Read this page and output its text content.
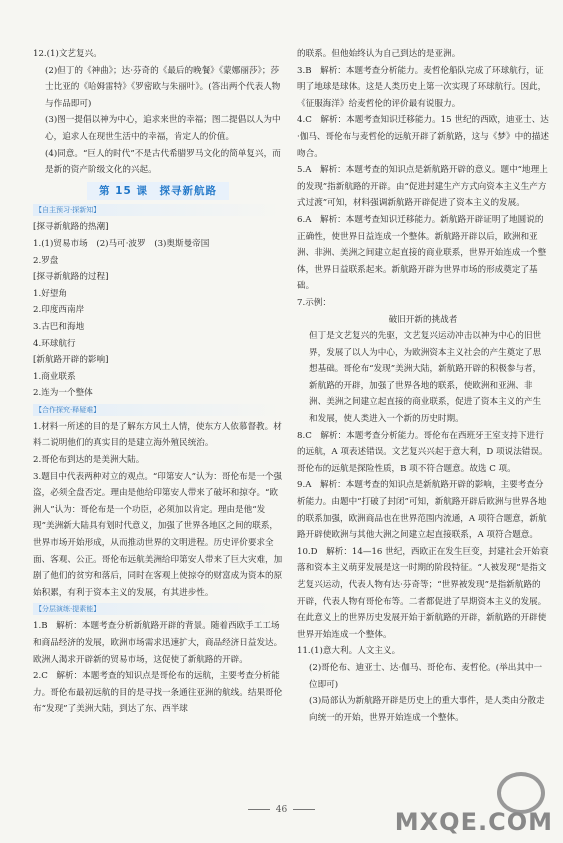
12.(1)文艺复兴。

(2)但丁的《神曲》；达·芬奇的《最后的晚餐》《蒙娜丽莎》；莎士比亚的《哈姆雷特》《罗密欧与朱丽叶》。(答出两个代表人物与作品即可)

(3)图一提倡以神为中心，追求来世的幸福；图二提倡以人为中心，追求人在现世生活中的幸福，肯定人的价值。

(4)同意。“巨人的时代”不是古代希腊罗马文化的简单复兴，而是新的资产阶级文化的兴起。

第 15 课　探寻新航路
【自主预习·探新知】

[探寻新航路的热潮]

1.(1)贸易市场　(2)马可·波罗　(3)奥斯曼帝国

2.罗盘

[探寻新航路的过程]

1.好望角

2.印度西南岸

3.古巴和海地

4.环球航行

[新航路开辟的影响]

1.商业联系

2.连为一个整体

【合作探究·释疑难】

1.材料一所述的目的是了解东方风土人情，使东方人依慕督教。材料二说明他们的真实目的是建立海外殖民统治。

2.哥伦布到达的是美洲大陆。

3.题目中代表两种对立的观点。“印第安人”认为：哥伦布是一个强盗，必须全盘否定。理由是他给印第安人带来了破坏和掠夺。“欧洲人”认为：哥伦布是一个功臣，必须加以肯定。理由是他“发现”美洲新大陆具有划时代意义，加强了世界各地区之间的联系，世界市场开始形成，从而推动世界的文明进程。历史评价要求全面、客观、公正。哥伦布远航美洲给印第安人带来了巨大灾难，加剧了他们的贫穷和落后，同时在客观上使掠夺的财富成为资本的原始积累，有利于资本主义的发展，有其进步性。

【分层演练·提素能】

1.B　解析：本题考查分析新航路开辟的背景。随着西欧手工工场和商品经济的发展，欧洲市场需求迅速扩大，商品经济日益发达。欧洲人渴求开辟新的贸易市场，这促使了新航路的开辟。

2.C　解析：本题考查的知识点是哥伦布的远航，主要考查分析能力。哥伦布最初远航的目的是寻找一条通往亚洲的航线。结果哥伦布“发现”了美洲大陆，到达了东、西半球

的联系。但他始终认为自己到达的是亚洲。

3.B　解析：本题考查分析能力。麦哲伦船队完成了环球航行，证明了地球是球体。这是人类历史上第一次实现了环球航行。因此，《征服海洋》给麦哲伦的评价最有说服力。

4.C　解析：本题考查知识迁移能力。15 世纪的西欧，迪亚士、达·伽马、哥伦布与麦哲伦的远航开辟了新航路，这与《梦》中的描述吻合。

5.A　解析：本题考查的知识点是新航路开辟的意义。题中“地理上的发现”指新航路的开辟。由“促进封建生产方式向资本主义生产方式过渡”可知，材料强调新航路开辟促进了资本主义的发展。

6.A　解析：本题考查知识迁移能力。新航路开辟证明了地圆说的正确性，使世界日益连成一个整体。新航路开辟以后，欧洲和亚洲、非洲、美洲之间建立起直接的商业联系，世界开始连成一个整体，世界日益联系起来。新航路开辟为世界市场的形成奠定了基础。

7.示例：

破旧开新的挑战者

但丁是文艺复兴的先驱，文艺复兴运动冲击以神为中心的旧世界，发展了以人为中心，为欧洲资本主义社会的产生奠定了思想基础。哥伦布“发现”美洲大陆，新航路开辟的积极参与者，新航路的开辟，加强了世界各地的联系，使欧洲和亚洲、非洲、美洲之间建立起直接的商业联系，促进了资本主义的产生和发展，使人类进入一个新的历史时期。

8.C　解析：本题考查分析能力。哥伦布在西班牙王室支持下进行的远航，A 项表述错误。文艺复兴兴起于意大利，D 项说法错误。哥伦布的远航是探险性质，B 项不符合题意。故选 C 项。

9.A　解析：本题考查的知识点是新航路开辟的影响，主要考查分析能力。由题中“打破了封闭”可知，新航路开辟后欧洲与世界各地的联系加强，欧洲商品也在世界范围内流通，A 项符合题意，新航路开辟使欧洲与其他大洲之间建立起直接联系，A 项符合题意。

10.D　解析：14—16 世纪，西欧正在发生巨变，封建社会开始衰落和资本主义萌芽发展是这一时期的阶段特征。“人被发现”是指文艺复兴运动，代表人物有达·芬奇等；“世界被发现”是指新航路的开辟，代表人物有哥伦布等。二者都促进了早期资本主义的发展。在此意义上的世界历史发展开始于新航路的开辟，新航路的开辟使世界开始连成一个整体。

11.(1)意大利。人文主义。

(2)哥伦布、迪亚士、达·伽马、哥伦布、麦哲伦。(举出其中一位即可)

(3)局部认为新航路开辟是历史上的重大事件，是人类由分散走向统一的开始，世界开始连成一个整体。

46	MXQE.COM
